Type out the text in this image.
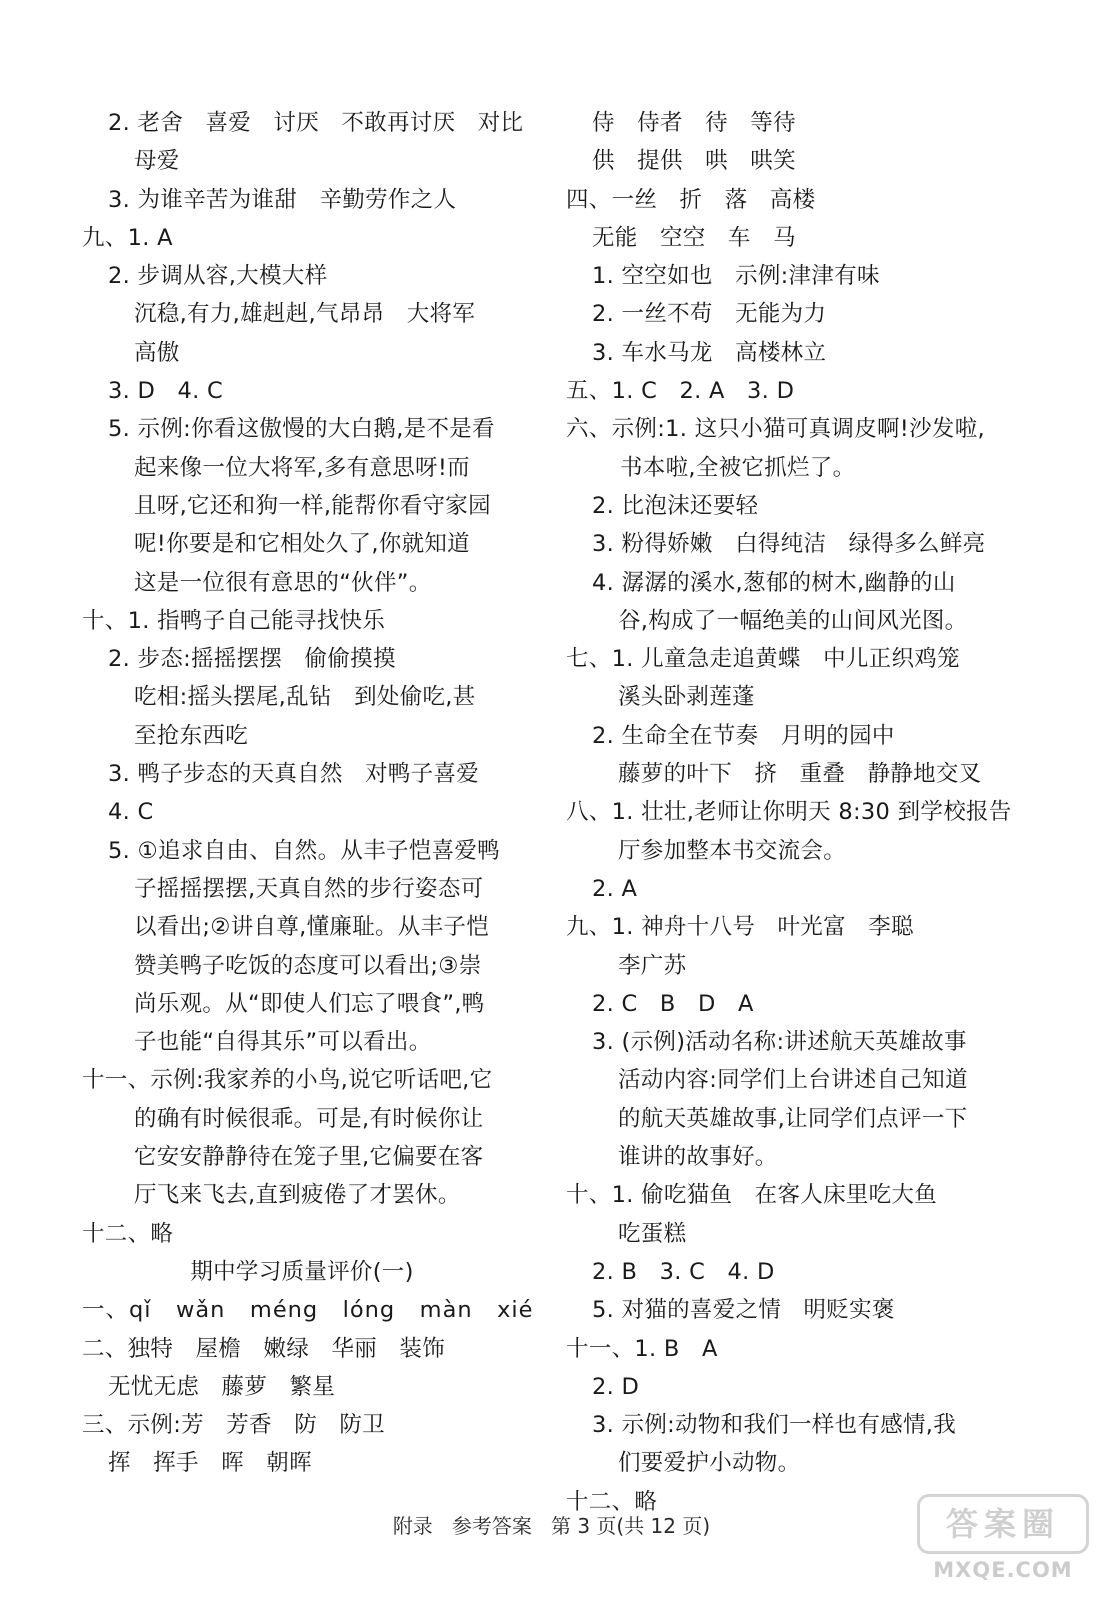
2. 老舍   喜爱   讨厌   不敢再讨厌   对比
母爱
3. 为谁辛苦为谁甜   辛勤劳作之人
九、1. A
2. 步调从容,大模大样
沉稳,有力,雄赳赳,气昂昂   大将军
高傲
3. D   4. C
5. 示例:你看这傲慢的大白鹅,是不是看
起来像一位大将军,多有意思呀!而
且呀,它还和狗一样,能帮你看守家园
呢!你要是和它相处久了,你就知道
这是一位很有意思的“伙伴”。
十、1. 指鸭子自己能寻找快乐
2. 步态:摇摇摆摆   偷偷摸摸
吃相:摇头摆尾,乱钻   到处偷吃,甚
至抢东西吃
3. 鸭子步态的天真自然   对鸭子喜爱
4. C
5. ①追求自由、自然。从丰子恺喜爱鸭
子摇摇摆摆,天真自然的步行姿态可
以看出;②讲自尊,懂廉耻。从丰子恺
赞美鸭子吃饭的态度可以看出;③崇
尚乐观。从“即使人们忘了喂食”,鸭
子也能“自得其乐”可以看出。
十一、示例:我家养的小鸟,说它听话吧,它
的确有时候很乖。可是,有时候你让
它安安静静待在笼子里,它偏要在客
厅飞来飞去,直到疲倦了才罢休。
十二、略
期中学习质量评价(一)
一、qǐ   wǎn   méng   lóng   màn   xié
二、独特   屋檐   嫩绿   华丽   装饰
无忧无虑   藤萝   繁星
三、示例:芳   芳香   防   防卫
挥   挥手   晖   朝晖
侍   侍者   待   等待
供   提供   哄   哄笑
四、一丝   折   落   高楼
无能   空空   车   马
1. 空空如也   示例:津津有味
2. 一丝不苟   无能为力
3. 车水马龙   高楼林立
五、1. C   2. A   3. D
六、示例:1. 这只小猫可真调皮啊!沙发啦,
书本啦,全被它抓烂了。
2. 比泡沫还要轻
3. 粉得娇嫩   白得纯洁   绿得多么鲜亮
4. 潺潺的溪水,葱郁的树木,幽静的山
谷,构成了一幅绝美的山间风光图。
七、1. 儿童急走追黄蝶   中儿正织鸡笼
溪头卧剥莲蓬
2. 生命全在节奏   月明的园中
藤萝的叶下   挤   重叠   静静地交叉
八、1. 壮壮,老师让你明天 8:30 到学校报告
厅参加整本书交流会。
2. A
九、1. 神舟十八号   叶光富   李聪
李广苏
2. C   B   D   A
3. (示例)活动名称:讲述航天英雄故事
活动内容:同学们上台讲述自己知道
的航天英雄故事,让同学们点评一下
谁讲的故事好。
十、1. 偷吃猫鱼   在客人床里吃大鱼
吃蛋糕
2. B   3. C   4. D
5. 对猫的喜爱之情   明贬实褒
十一、1. B   A
2. D
3. 示例:动物和我们一样也有感情,我
们要爱护小动物。
十二、略
附录   参考答案   第 3 页(共 12 页)	答案圈
MXQE.COM
